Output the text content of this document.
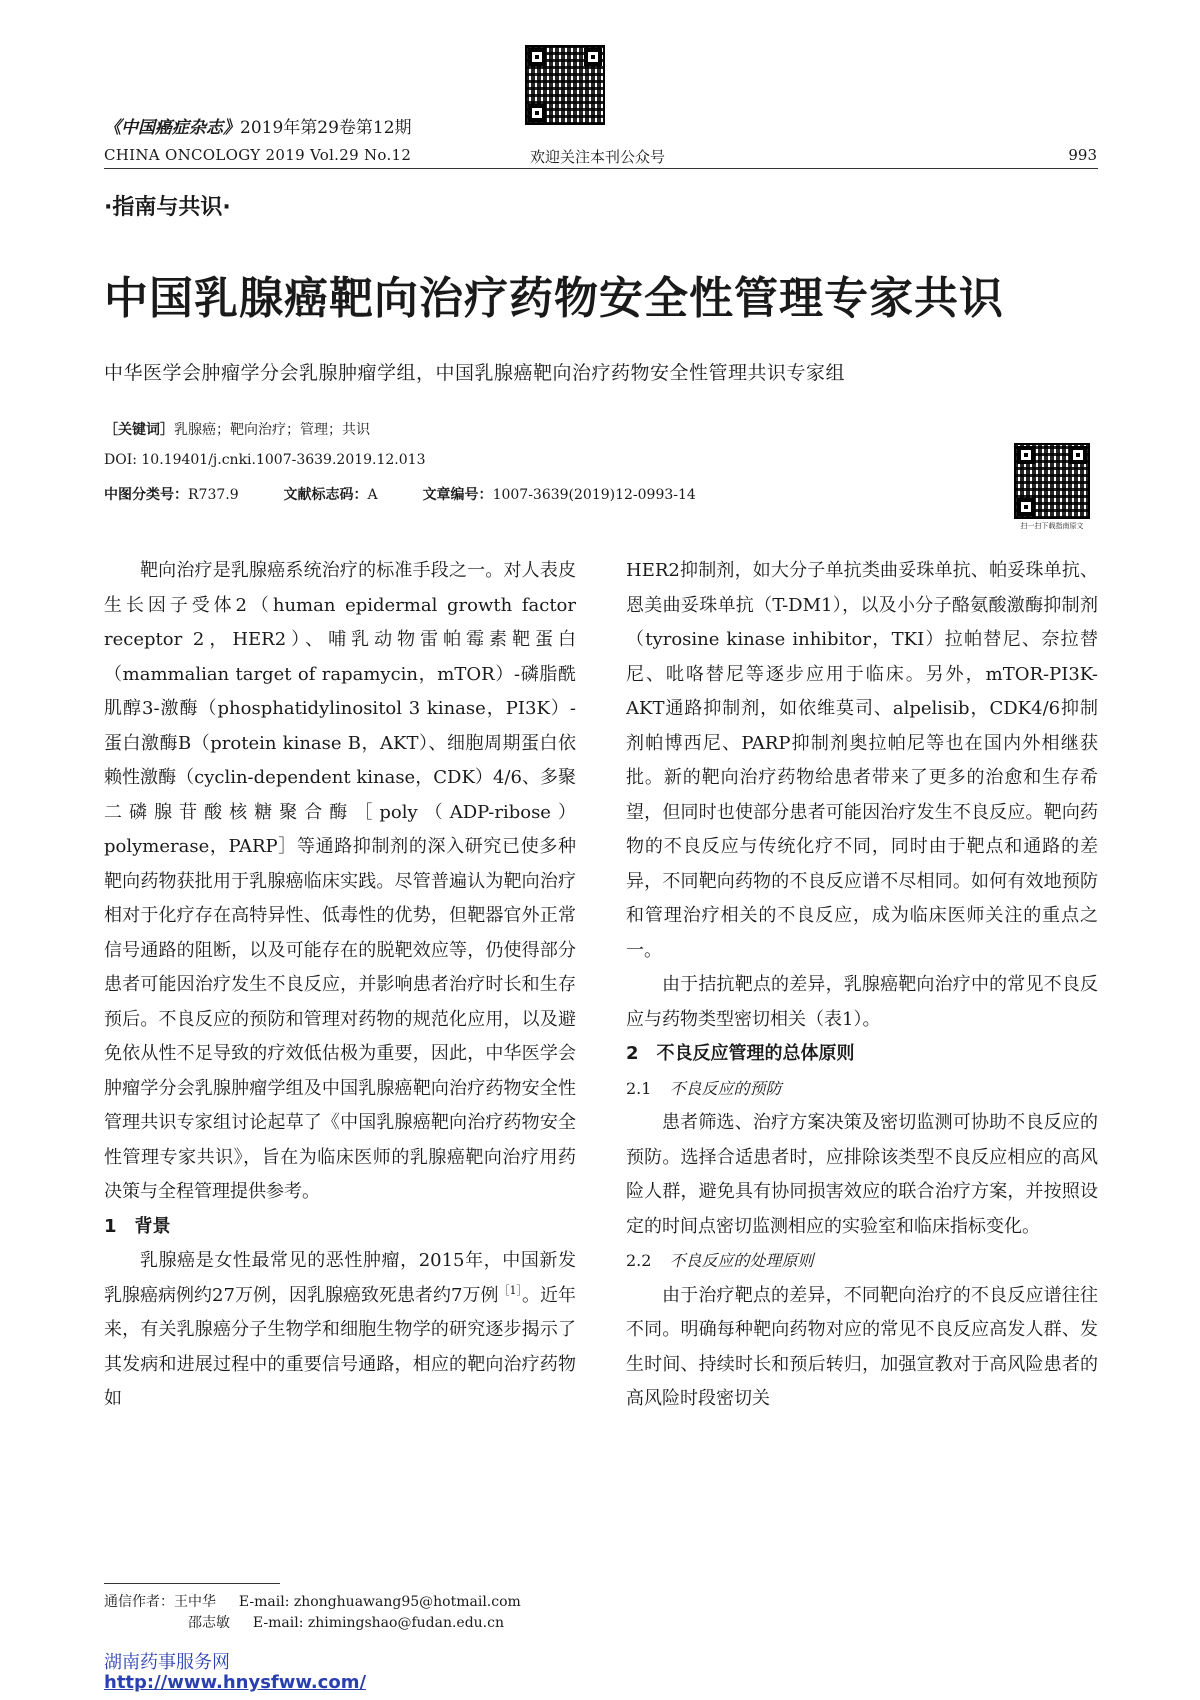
《中国癌症杂志》2019年第29卷第12期
CHINA ONCOLOGY 2019 Vol.29 No.12	欢迎关注本刊公众号	993
·指南与共识·
中国乳腺癌靶向治疗药物安全性管理专家共识
中华医学会肿瘤学分会乳腺肿瘤学组，中国乳腺癌靶向治疗药物安全性管理共识专家组
［关键词］乳腺癌；靶向治疗；管理；共识
DOI: 10.19401/j.cnki.1007-3639.2019.12.013
中图分类号：R737.9	文献标志码：A	文章编号：1007-3639(2019)12-0993-14
扫一扫下载指南原文

靶向治疗是乳腺癌系统治疗的标准手段之一。对人表皮生长因子受体2（human epidermal growth factor receptor 2，HER2）、哺乳动物雷帕霉素靶蛋白（mammalian target of rapamycin，mTOR）-磷脂酰肌醇3-激酶（phosphatidylinositol 3 kinase，PI3K）-蛋白激酶B（protein kinase B，AKT）、细胞周期蛋白依赖性激酶（cyclin-dependent kinase，CDK）4/6、多聚二磷腺苷酸核糖聚合酶［poly（ADP-ribose）polymerase，PARP］等通路抑制剂的深入研究已使多种靶向药物获批用于乳腺癌临床实践。尽管普遍认为靶向治疗相对于化疗存在高特异性、低毒性的优势，但靶器官外正常信号通路的阻断，以及可能存在的脱靶效应等，仍使得部分患者可能因治疗发生不良反应，并影响患者治疗时长和生存预后。不良反应的预防和管理对药物的规范化应用，以及避免依从性不足导致的疗效低估极为重要，因此，中华医学会肿瘤学分会乳腺肿瘤学组及中国乳腺癌靶向治疗药物安全性管理共识专家组讨论起草了《中国乳腺癌靶向治疗药物安全性管理专家共识》，旨在为临床医师的乳腺癌靶向治疗用药决策与全程管理提供参考。

1 背景

乳腺癌是女性最常见的恶性肿瘤，2015年，中国新发乳腺癌病例约27万例，因乳腺癌致死患者约7万例$^{[1]}$。近年来，有关乳腺癌分子生物学和细胞生物学的研究逐步揭示了其发病和进展过程中的重要信号通路，相应的靶向治疗药物如

HER2抑制剂，如大分子单抗类曲妥珠单抗、帕妥珠单抗、恩美曲妥珠单抗（T-DM1），以及小分子酪氨酸激酶抑制剂（tyrosine kinase inhibitor，TKI）拉帕替尼、奈拉替尼、吡咯替尼等逐步应用于临床。另外，mTOR-PI3K-AKT通路抑制剂，如依维莫司、alpelisib，CDK4/6抑制剂帕博西尼、PARP抑制剂奥拉帕尼等也在国内外相继获批。新的靶向治疗药物给患者带来了更多的治愈和生存希望，但同时也使部分患者可能因治疗发生不良反应。靶向药物的不良反应与传统化疗不同，同时由于靶点和通路的差异，不同靶向药物的不良反应谱不尽相同。如何有效地预防和管理治疗相关的不良反应，成为临床医师关注的重点之一。

由于拮抗靶点的差异，乳腺癌靶向治疗中的常见不良反应与药物类型密切相关（表1）。

2 不良反应管理的总体原则
2.1 不良反应的预防

患者筛选、治疗方案决策及密切监测可协助不良反应的预防。选择合适患者时，应排除该类型不良反应相应的高风险人群，避免具有协同损害效应的联合治疗方案，并按照设定的时间点密切监测相应的实验室和临床指标变化。

2.2 不良反应的处理原则

由于治疗靶点的差异，不同靶向治疗的不良反应谱往往不同。明确每种靶向药物对应的常见不良反应高发人群、发生时间、持续时长和预后转归，加强宣教对于高风险患者的高风险时段密切关

通信作者：王中华 E-mail: zhonghuawang95@hotmail.com
邵志敏 E-mail: zhimingshao@fudan.edu.cn
湖南药事服务网
http://www.hnysfww.com/
